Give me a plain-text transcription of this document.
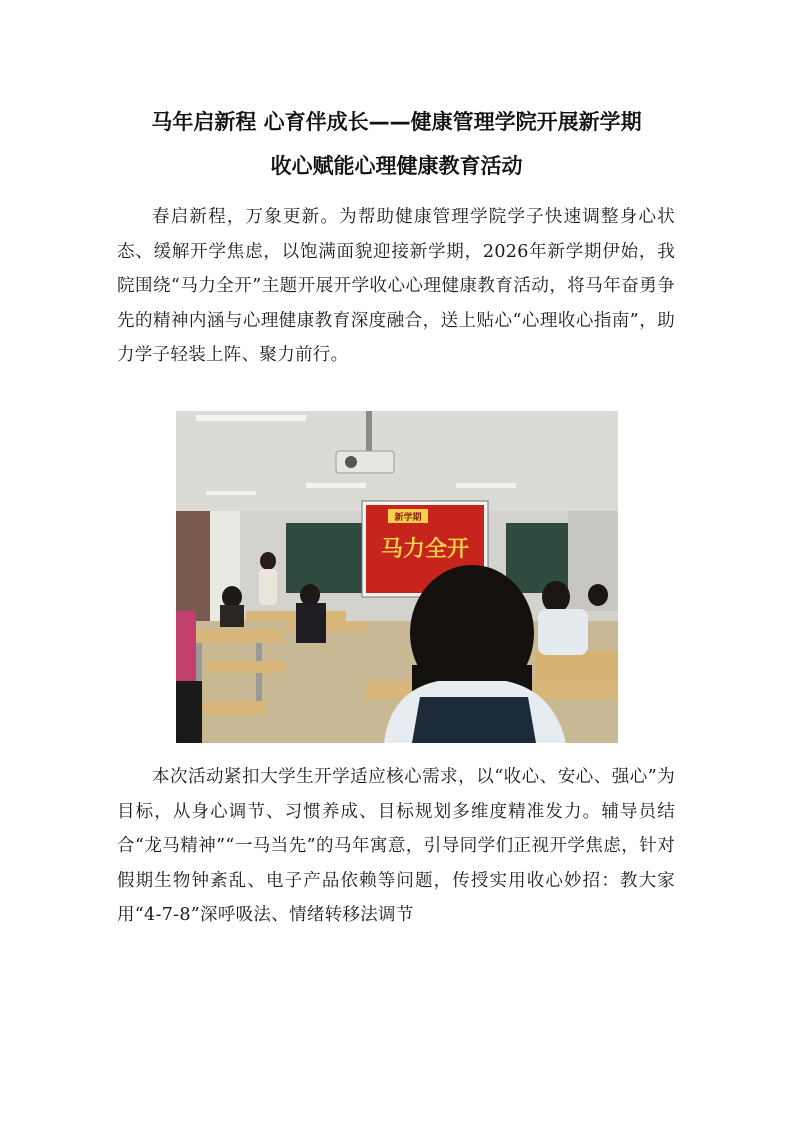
马年启新程 心育伴成长——健康管理学院开展新学期
收心赋能心理健康教育活动

春启新程，万象更新。为帮助健康管理学院学子快速调整身心状态、缓解开学焦虑，以饱满面貌迎接新学期，2026年新学期伊始，我院围绕“马力全开”主题开展开学收心心理健康教育活动，将马年奋勇争先的精神内涵与心理健康教育深度融合，送上贴心“心理收心指南”，助力学子轻装上阵、聚力前行。

新学期
马力全开

本次活动紧扣大学生开学适应核心需求，以“收心、安心、强心”为目标，从身心调节、习惯养成、目标规划多维度精准发力。辅导员结合“龙马精神”“一马当先”的马年寓意，引导同学们正视开学焦虑，针对假期生物钟紊乱、电子产品依赖等问题，传授实用收心妙招：教大家用“4-7-8”深呼吸法、情绪转移法调节
